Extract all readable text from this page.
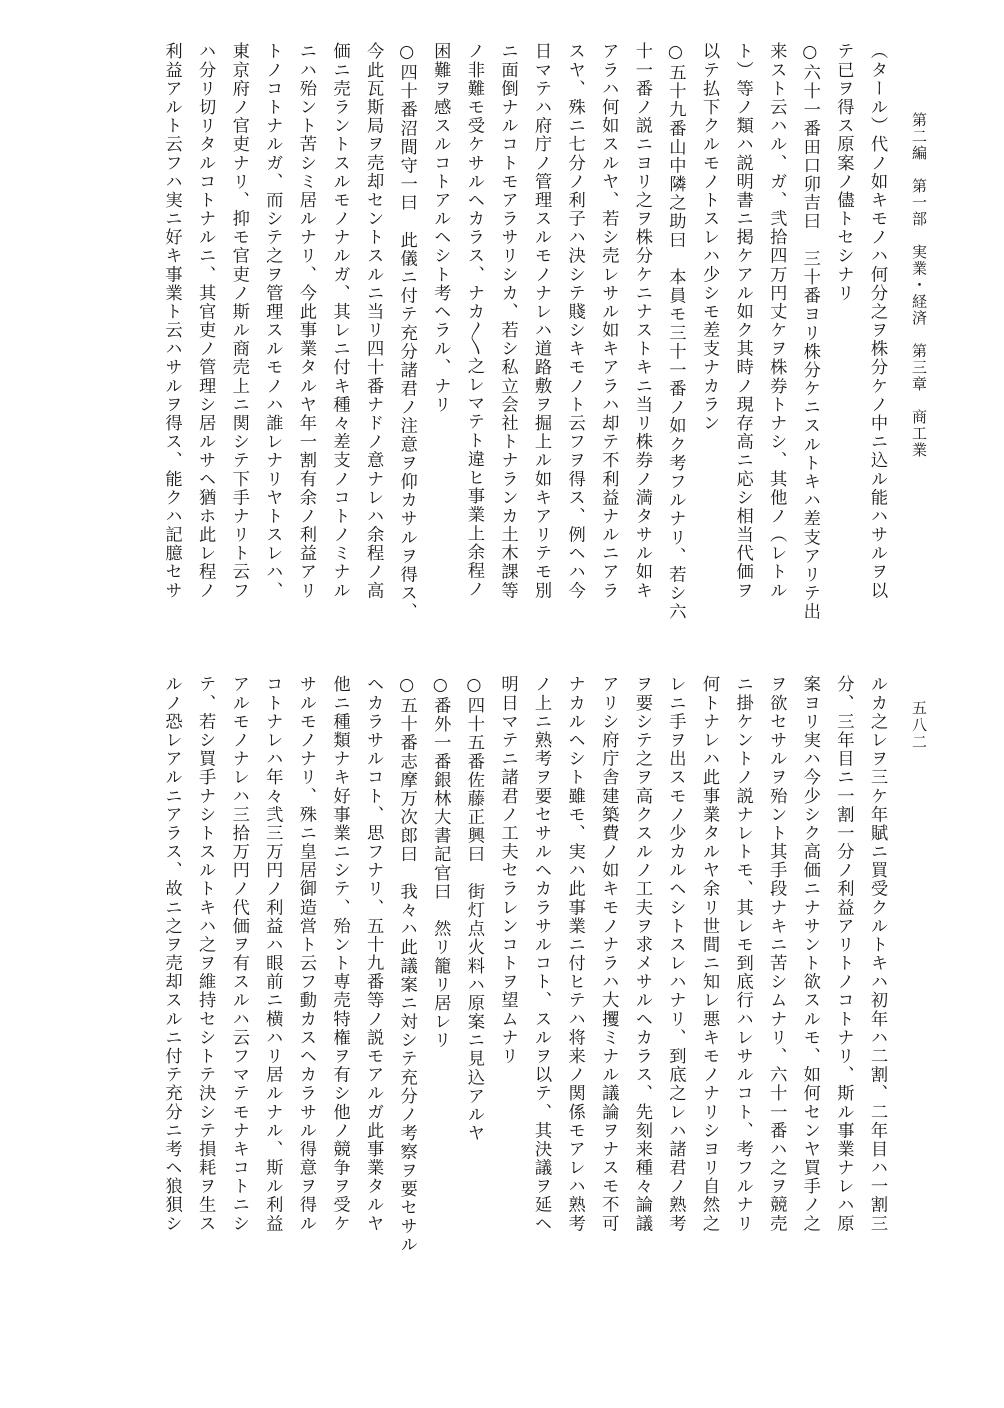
第二編　第一部　実業・経済　第三章　商工業
五八二
（タール）代ノ如キモノハ何分之ヲ株分ケノ中ニ込ル能ハサルヲ以
テ已ヲ得ス原案ノ儘トセシナリ
○六十一番田口卯吉曰　三十番ヨリ株分ケニスルトキハ差支アリテ出
来スト云ハル、ガ、弐拾四万円丈ケヲ株券トナシ、其他ノ（レトル
ト）等ノ類ハ説明書ニ掲ケアル如ク其時ノ現存高ニ応シ相当代価ヲ
以テ払下クルモノトスレハ少シモ差支ナカラン
○五十九番山中隣之助曰　本員モ三十一番ノ如ク考フルナリ、若シ六
十一番ノ説ニヨリ之ヲ株分ケニナストキニ当リ株券ノ満タサル如キ
アラハ何如スルヤ、若シ売レサル如キアラハ却テ不利益ナルニアラ
スヤ、殊ニ七分ノ利子ハ決シテ賤シキモノト云フヲ得ス、例ヘハ今
日マテハ府庁ノ管理スルモノナレハ道路敷ヲ掘上ル如キアリテモ別
ニ面倒ナルコトモアラサリシカ、若シ私立会社トナランカ土木課等
ノ非難モ受ケサルヘカラス、ナカ〳〵之レマテト違ヒ事業上余程ノ
困難ヲ感スルコトアルヘシト考ヘラル、ナリ
○四十番沼間守一曰　此儀ニ付テ充分諸君ノ注意ヲ仰カサルヲ得ス、
今此瓦斯局ヲ売却セントスルニ当リ四十番ナドノ意ナレハ余程ノ高
価ニ売ラントスルモノナルガ、其レニ付キ種々差支ノコトノミナル
ニハ殆ント苦シミ居ルナリ、今此事業タルヤ年一割有余ノ利益アリ
トノコトナルガ、而シテ之ヲ管理スルモノハ誰レナリヤトスレハ、
東京府ノ官吏ナリ、抑モ官吏ノ斯ル商売上ニ関シテ下手ナリト云フ
ハ分リ切リタルコトナルニ、其官吏ノ管理シ居ルサヘ猶ホ此レ程ノ
利益アルト云フハ実ニ好キ事業ト云ハサルヲ得ス、能クハ記臆セサ
ルカ之レヲ三ケ年賦ニ買受クルトキハ初年ハ二割、二年目ハ一割三
分、三年目ニ一割一分ノ利益アリトノコトナリ、斯ル事業ナレハ原
案ヨリ実ハ今少シク高価ニナサント欲スルモ、如何センヤ買手ノ之
ヲ欲セサルヲ殆ント其手段ナキニ苦シムナリ、六十一番ハ之ヲ競売
ニ掛ケントノ説ナレトモ、其レモ到底行ハレサルコト、考フルナリ
何トナレハ此事業タルヤ余リ世間ニ知レ悪キモノナリシヨリ自然之
レニ手ヲ出スモノ少カルヘシトスレハナリ、到底之レハ諸君ノ熟考
ヲ要シテ之ヲ高クスルノ工夫ヲ求メサルヘカラス、先刻来種々論議
アリシ府庁舎建築費ノ如キモノナラハ大攫ミナル議論ヲナスモ不可
ナカルヘシト雖モ、実ハ此事業ニ付ヒテハ将来ノ関係モアレハ熟考
ノ上ニ熟考ヲ要セサルヘカラサルコト、スルヲ以テ、其決議ヲ延ヘ
明日マテニ諸君ノ工夫セラレンコトヲ望ムナリ
○四十五番佐藤正興曰　街灯点火料ハ原案ニ見込アルヤ
○番外一番銀林大書記官曰　然リ籠リ居レリ
○五十番志摩万次郎曰　我々ハ此議案ニ対シテ充分ノ考察ヲ要セサル
ヘカラサルコト、思フナリ、五十九番等ノ説モアルガ此事業タルヤ
他ニ種類ナキ好事業ニシテ、殆ント専売特権ヲ有シ他ノ競争ヲ受ケ
サルモノナリ、殊ニ皇居御造営ト云フ動カスヘカラサル得意ヲ得ル
コトナレハ年々弐三万円ノ利益ハ眼前ニ横ハリ居ルナル、斯ル利益
アルモノナレハ三拾万円ノ代価ヲ有スルハ云フマテモナキコトニシ
テ、若シ買手ナシトスルトキハ之ヲ維持セシトテ決シテ損耗ヲ生ス
ルノ恐レアルニアラス、故ニ之ヲ売却スルニ付テ充分ニ考ヘ狼狽シ
